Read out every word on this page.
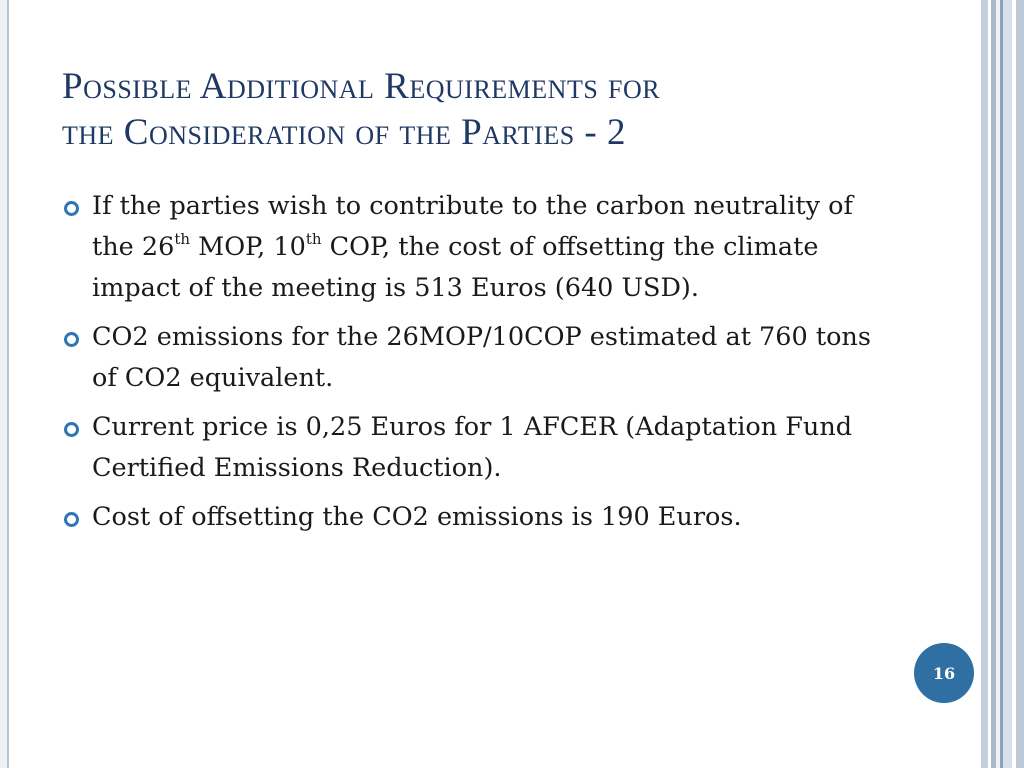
Possible Additional Requirements for
the Consideration of the Parties - 2
If the parties wish to contribute to the carbon neutrality of the 26th MOP, 10th COP, the cost of offsetting the climate impact of the meeting is 513 Euros (640 USD).
CO2 emissions for the 26MOP/10COP estimated at 760 tons of CO2 equivalent.
Current price is 0,25 Euros for 1 AFCER (Adaptation Fund Certified Emissions Reduction).
Cost of offsetting the CO2 emissions is 190 Euros.
16
